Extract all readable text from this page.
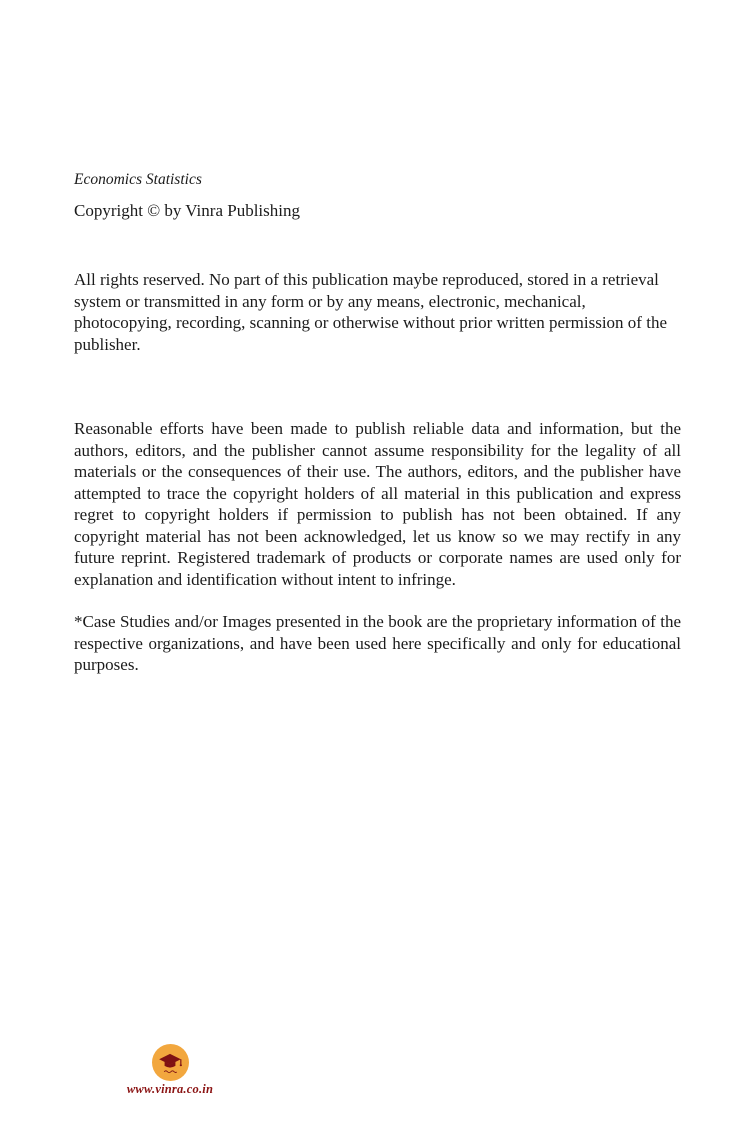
Economics Statistics
Copyright © by Vinra Publishing
All rights reserved. No part of this publication maybe reproduced, stored in a retrieval system or transmitted in any form or by any means, electronic, mechanical, photocopying, recording, scanning or otherwise without prior written permission of the publisher.
Reasonable efforts have been made to publish reliable data and information, but the authors, editors, and the publisher cannot assume responsibility for the legality of all materials or the consequences of their use. The authors, editors, and the publisher have attempted to trace the copyright holders of all material in this publication and express regret to copyright holders if permission to publish has not been obtained. If any copyright material has not been acknowledged, let us know so we may rectify in any future reprint. Registered trademark of products or corporate names are used only for explanation and identification without intent to infringe.
*Case Studies and/or Images presented in the book are the proprietary information of the respective organizations, and have been used here specifically and only for educational purposes.
www.vinra.co.in
